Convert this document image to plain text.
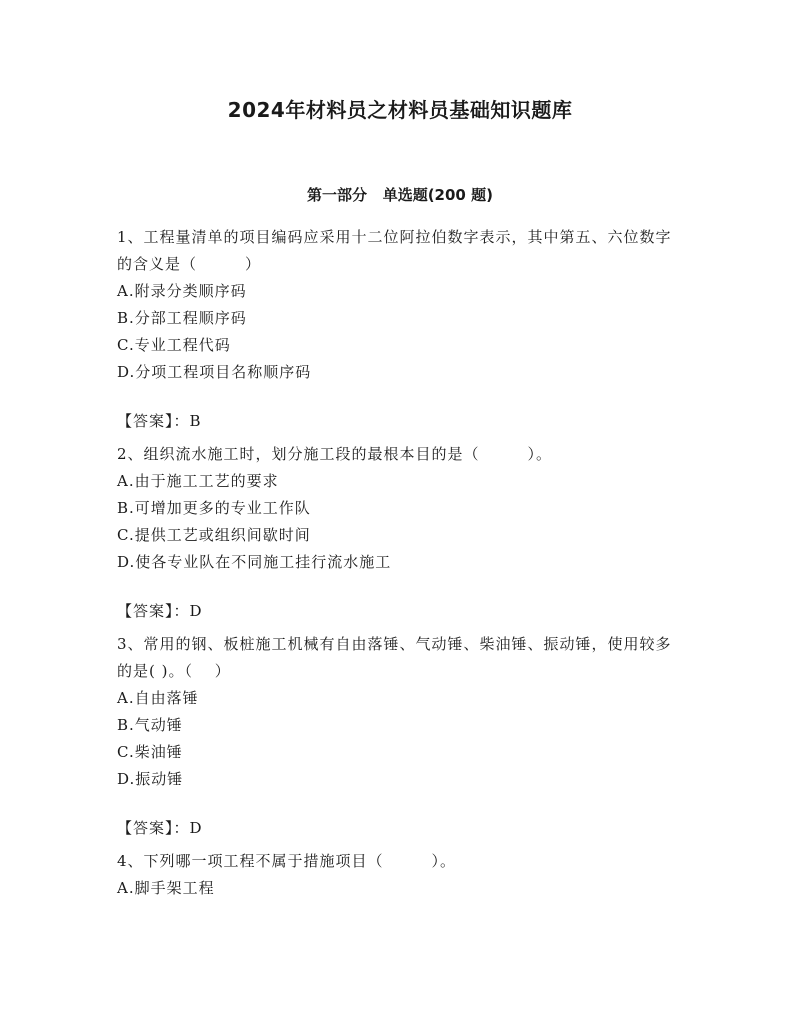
2024年材料员之材料员基础知识题库
第一部分   单选题(200 题)
1、工程量清单的项目编码应采用十二位阿拉伯数字表示，其中第五、六位数字的含义是（　　　）
A.附录分类顺序码
B.分部工程顺序码
C.专业工程代码
D.分项工程项目名称顺序码
【答案】：B
2、组织流水施工时，划分施工段的最根本目的是（　　　）。
A.由于施工工艺的要求
B.可增加更多的专业工作队
C.提供工艺或组织间歇时间
D.使各专业队在不同施工挂行流水施工
【答案】：D
3、常用的钢、板桩施工机械有自由落锤、气动锤、柴油锤、振动锤，使用较多的是( )。（　 ）
A.自由落锤
B.气动锤
C.柴油锤
D.振动锤
【答案】：D
4、下列哪一项工程不属于措施项目（　　　）。
A.脚手架工程
